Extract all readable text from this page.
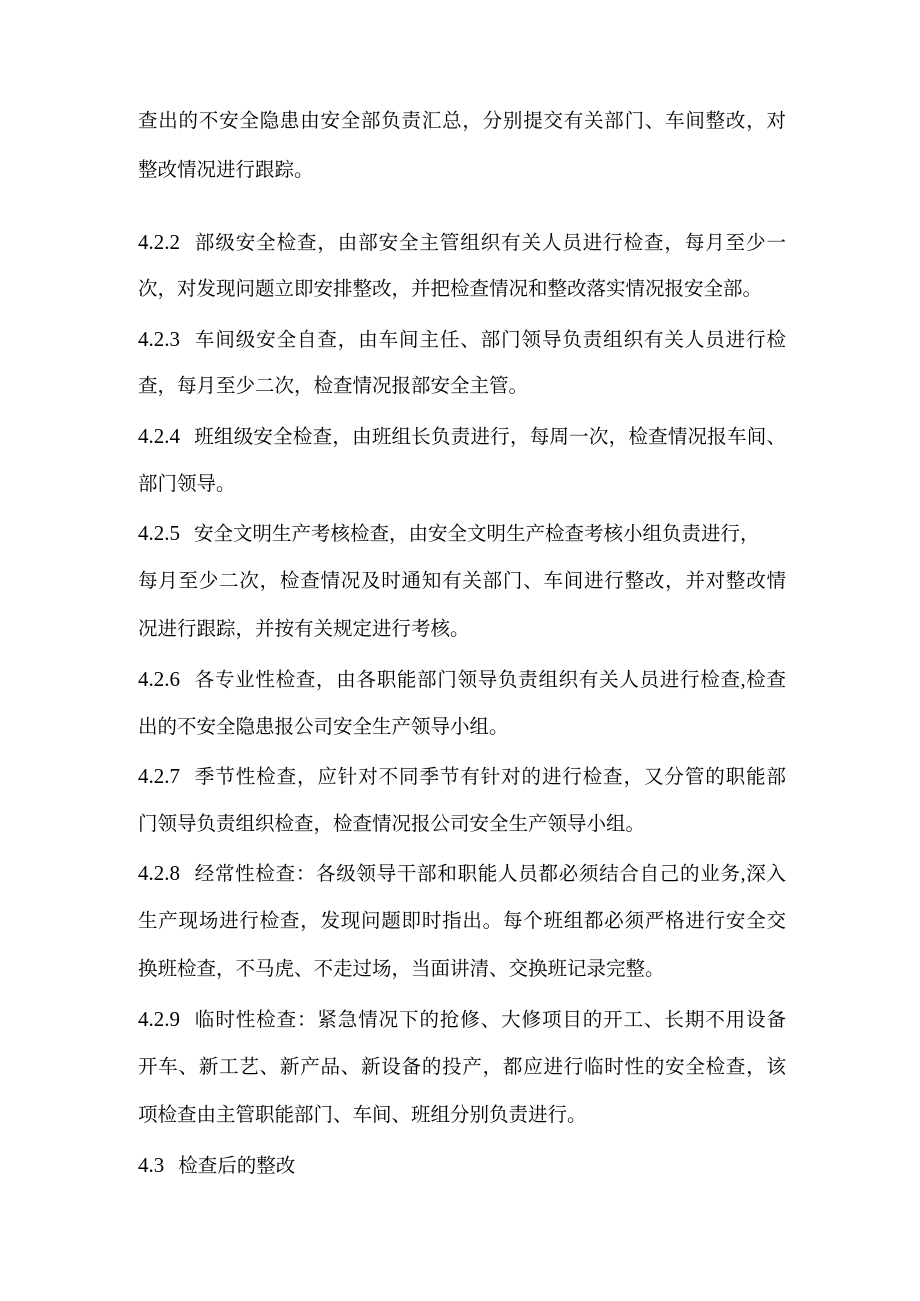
查出的不安全隐患由安全部负责汇总，分别提交有关部门、车间整改，对
整改情况进行跟踪。
4.2.2 部级安全检查，由部安全主管组织有关人员进行检查，每月至少一
次，对发现问题立即安排整改，并把检查情况和整改落实情况报安全部。
4.2.3 车间级安全自查，由车间主任、部门领导负责组织有关人员进行检
查，每月至少二次，检查情况报部安全主管。
4.2.4 班组级安全检查，由班组长负责进行，每周一次，检查情况报车间、
部门领导。
4.2.5 安全文明生产考核检查，由安全文明生产检查考核小组负责进行，
每月至少二次，检查情况及时通知有关部门、车间进行整改，并对整改情
况进行跟踪，并按有关规定进行考核。
4.2.6 各专业性检查，由各职能部门领导负责组织有关人员进行检查,检查
出的不安全隐患报公司安全生产领导小组。
4.2.7 季节性检查，应针对不同季节有针对的进行检查，又分管的职能部
门领导负责组织检查，检查情况报公司安全生产领导小组。
4.2.8 经常性检查：各级领导干部和职能人员都必须结合自己的业务,深入
生产现场进行检查，发现问题即时指出。每个班组都必须严格进行安全交
换班检查，不马虎、不走过场，当面讲清、交换班记录完整。
4.2.9 临时性检查：紧急情况下的抢修、大修项目的开工、长期不用设备
开车、新工艺、新产品、新设备的投产，都应进行临时性的安全检查，该
项检查由主管职能部门、车间、班组分别负责进行。
4.3 检查后的整改
